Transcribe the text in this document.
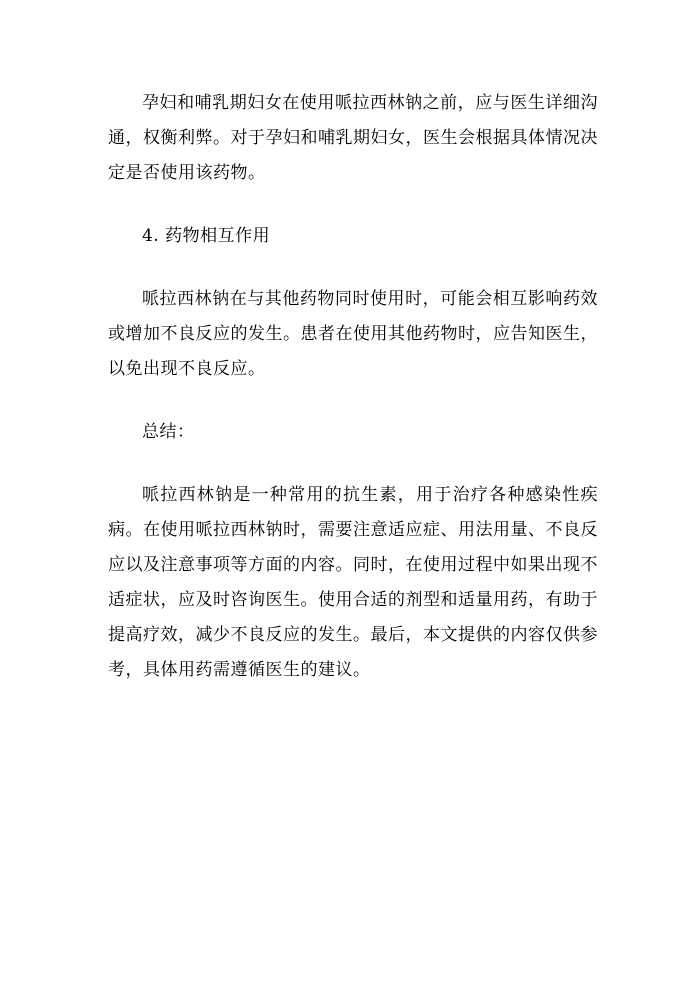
孕妇和哺乳期妇女在使用哌拉西林钠之前，应与医生详细沟通，权衡利弊。对于孕妇和哺乳期妇女，医生会根据具体情况决定是否使用该药物。

4. 药物相互作用

哌拉西林钠在与其他药物同时使用时，可能会相互影响药效或增加不良反应的发生。患者在使用其他药物时，应告知医生，以免出现不良反应。

总结：

哌拉西林钠是一种常用的抗生素，用于治疗各种感染性疾病。在使用哌拉西林钠时，需要注意适应症、用法用量、不良反应以及注意事项等方面的内容。同时，在使用过程中如果出现不适症状，应及时咨询医生。使用合适的剂型和适量用药，有助于提高疗效，减少不良反应的发生。最后，本文提供的内容仅供参考，具体用药需遵循医生的建议。
